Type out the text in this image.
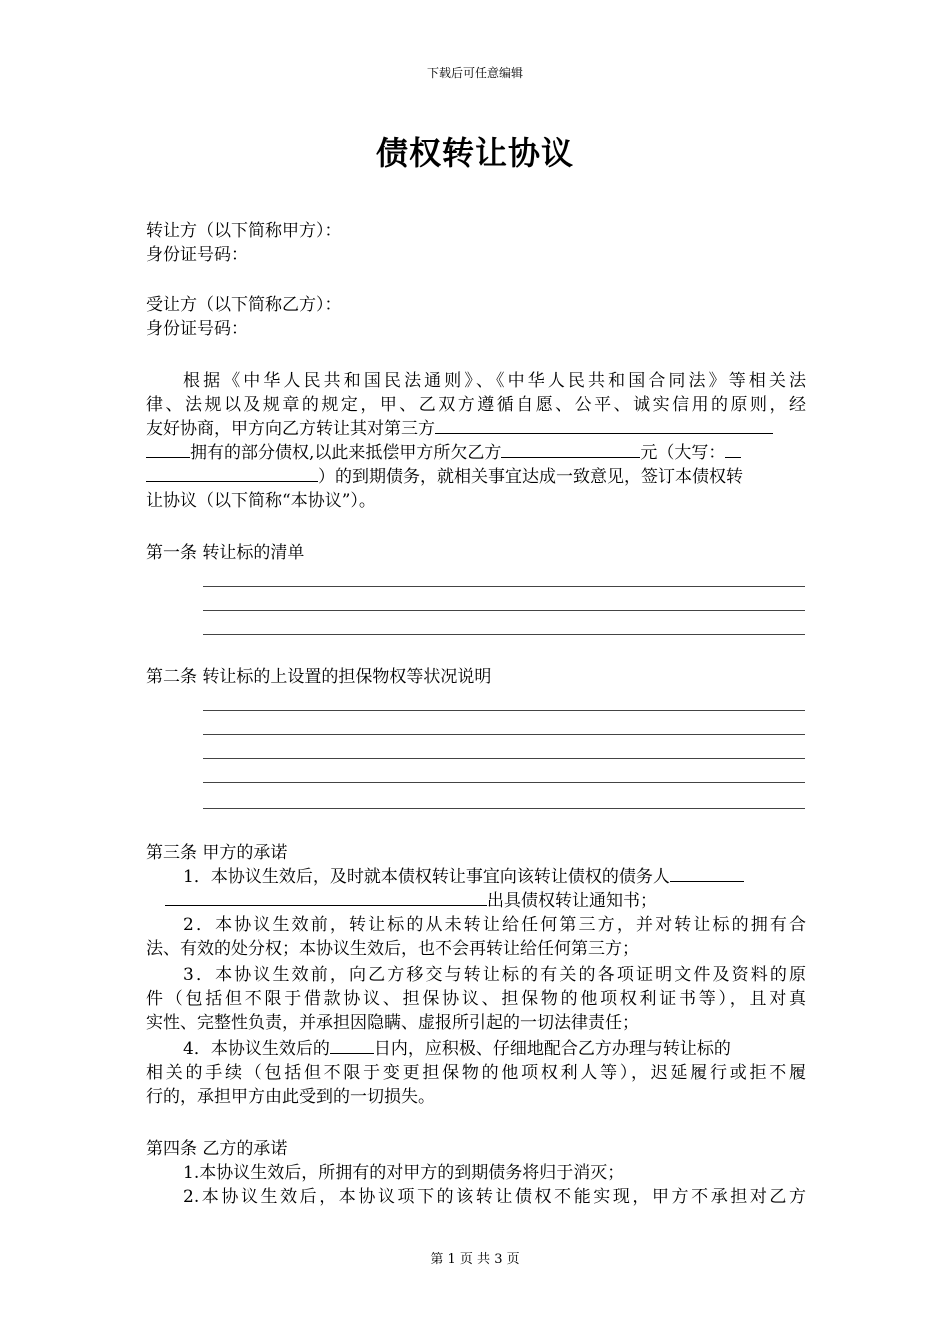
下载后可任意编辑
债权转让协议
转让方（以下简称甲方）：
身份证号码：
受让方（以下简称乙方）：
身份证号码：
根据《中华人民共和国民法通则》、《中华人民共和国合同法》等相关法
律、法规以及规章的规定，甲、乙双方遵循自愿、公平、诚实信用的原则，经
友好协商，甲方向乙方转让其对第三方
拥有的部分债权,以此来抵偿甲方所欠乙方	元（大写：
）的到期债务，就相关事宜达成一致意见，签订本债权转
让协议（以下简称“本协议”）。
第一条 转让标的清单
第二条 转让标的上设置的担保物权等状况说明
第三条 甲方的承诺
1．本协议生效后，及时就本债权转让事宜向该转让债权的债务人
出具债权转让通知书；
2．本协议生效前，转让标的从未转让给任何第三方，并对转让标的拥有合
法、有效的处分权；本协议生效后，也不会再转让给任何第三方；
3．本协议生效前，向乙方移交与转让标的有关的各项证明文件及资料的原
件（包括但不限于借款协议、担保协议、担保物的他项权利证书等），且对真
实性、完整性负责，并承担因隐瞒、虚报所引起的一切法律责任；
4．本协议生效后的	日内，应积极、仔细地配合乙方办理与转让标的
相关的手续（包括但不限于变更担保物的他项权利人等），迟延履行或拒不履
行的，承担甲方由此受到的一切损失。
第四条 乙方的承诺
1.本协议生效后，所拥有的对甲方的到期债务将归于消灭；
2.本协议生效后，本协议项下的该转让债权不能实现，甲方不承担对乙方
第 1 页 共 3 页
